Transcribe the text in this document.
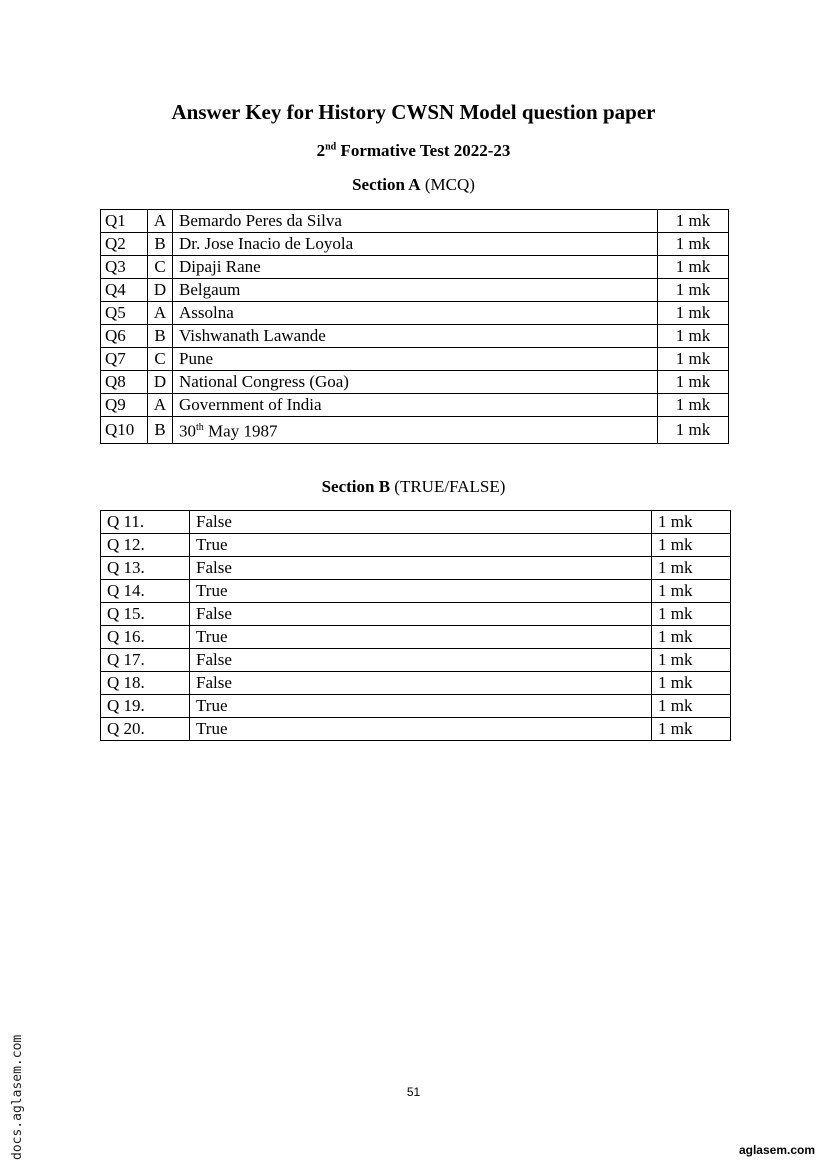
Answer Key for History CWSN Model question paper
2nd Formative Test 2022-23
Section A (MCQ)
Q1	A	Bemardo Peres da Silva	1 mk
Q2	B	Dr. Jose Inacio de Loyola	1 mk
Q3	C	Dipaji Rane	1 mk
Q4	D	Belgaum	1 mk
Q5	A	Assolna	1 mk
Q6	B	Vishwanath Lawande	1 mk
Q7	C	Pune	1 mk
Q8	D	National Congress (Goa)	1 mk
Q9	A	Government of India	1 mk
Q10	B	30th May 1987	1 mk
Section B (TRUE/FALSE)
Q 11.	False	1 mk
Q 12.	True	1 mk
Q 13.	False	1 mk
Q 14.	True	1 mk
Q 15.	False	1 mk
Q 16.	True	1 mk
Q 17.	False	1 mk
Q 18.	False	1 mk
Q 19.	True	1 mk
Q 20.	True	1 mk
51
docs.aglasem.com	aglasem.com
